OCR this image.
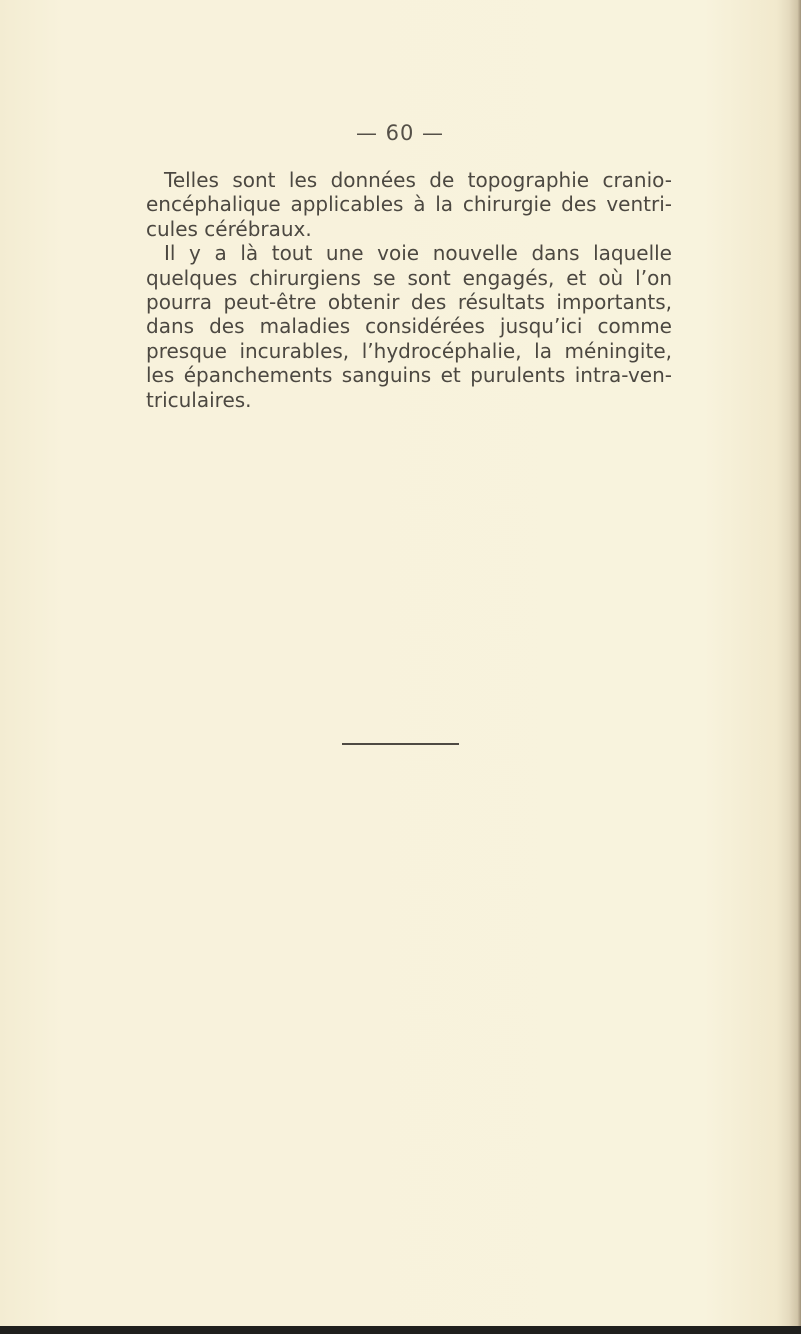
— 60 —
Telles sont les données de topographie cranio-
encéphalique applicables à la chirurgie des ventri-
cules cérébraux.
Il y a là tout une voie nouvelle dans laquelle
quelques chirurgiens se sont engagés, et où l’on
pourra peut-être obtenir des résultats importants,
dans des maladies considérées jusqu’ici comme
presque incurables, l’hydrocéphalie, la méningite,
les épanchements sanguins et purulents intra-ven-
triculaires.
